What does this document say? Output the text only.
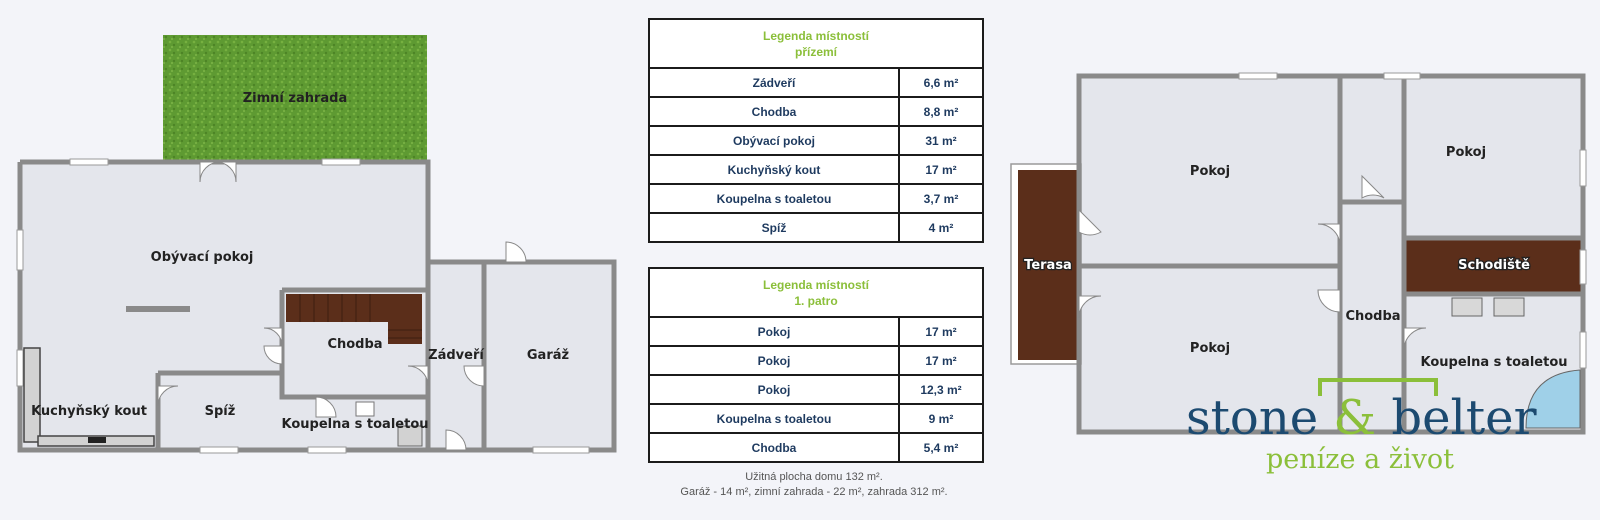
Zimní zahrada
Obývací pokoj
Chodba
Zádveří	Garáž
Kuchyňský kout	Spíž
Koupelna s toaletou
Terasa
Pokoj
Pokoj
Pokoj
Schodiště
Chodba
Koupelna s toaletou
Legenda místností
přízemí
Zádveří	6,6 m²
Chodba	8,8 m²
Obývací pokoj	31 m²
Kuchyňský kout	17 m²
Koupelna s toaletou	3,7 m²
Spíž	4 m²
Legenda místností
1. patro
Pokoj	17 m²
Pokoj	17 m²
Pokoj	12,3 m²
Koupelna s toaletou	9 m²
Chodba	5,4 m²
Užitná plocha domu 132 m².
Garáž - 14 m², zimní zahrada - 22 m², zahrada 312 m².
stone & belter
peníze a život
